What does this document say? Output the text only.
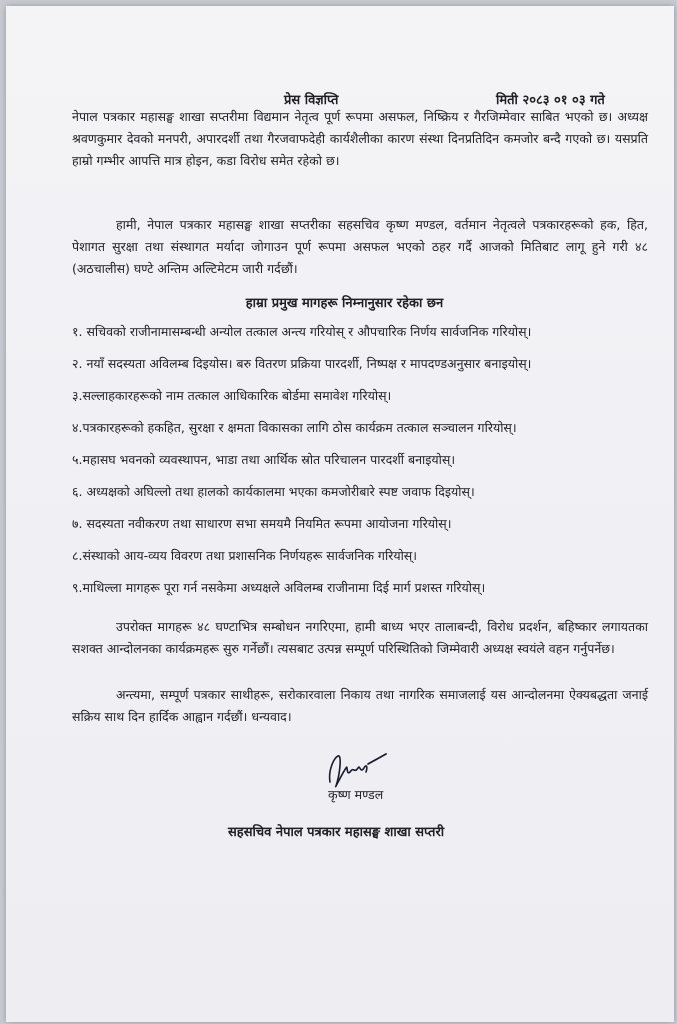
प्रेस विज्ञप्ति	मिती २०८३ ०१ ०३ गते

नेपाल पत्रकार महासङ्घ शाखा सप्तरीमा विद्यमान नेतृत्व पूर्ण रूपमा असफल, निष्क्रिय र गैरजिम्मेवार साबित भएको छ। अध्यक्ष श्रवणकुमार देवको मनपरी, अपारदर्शी तथा गैरजवाफदेही कार्यशैलीका कारण संस्था दिनप्रतिदिन कमजोर बन्दै गएको छ। यसप्रति हाम्रो गम्भीर आपत्ति मात्र होइन, कडा विरोध समेत रहेको छ।

हामी, नेपाल पत्रकार महासङ्घ शाखा सप्तरीका सहसचिव कृष्ण मण्डल, वर्तमान नेतृत्वले पत्रकारहरूको हक, हित, पेशागत सुरक्षा तथा संस्थागत मर्यादा जोगाउन पूर्ण रूपमा असफल भएको ठहर गर्दै आजको मितिबाट लागू हुने गरी ४८ (अठचालीस) घण्टे अन्तिम अल्टिमेटम जारी गर्दछौं।

हाम्रा प्रमुख मागहरू निम्नानुसार रहेका छन
१. सचिवको राजीनामासम्बन्धी अन्योल तत्काल अन्त्य गरियोस् र औपचारिक निर्णय सार्वजनिक गरियोस्।
२. नयाँ सदस्यता अविलम्ब दिइयोस। बरु वितरण प्रक्रिया पारदर्शी, निष्पक्ष र मापदण्डअनुसार बनाइयोस्।
३.सल्लाहकारहरूको नाम तत्काल आधिकारिक बोर्डमा समावेश गरियोस्।
४.पत्रकारहरूको हकहित, सुरक्षा र क्षमता विकासका लागि ठोस कार्यक्रम तत्काल सञ्चालन गरियोस्।
५.महासघ भवनको व्यवस्थापन, भाडा तथा आर्थिक स्रोत परिचालन पारदर्शी बनाइयोस्।
६. अध्यक्षको अघिल्लो तथा हालको कार्यकालमा भएका कमजोरीबारे स्पष्ट जवाफ दिइयोस्।
७. सदस्यता नवीकरण तथा साधारण सभा समयमै नियमित रूपमा आयोजना गरियोस्।
८.संस्थाको आय-व्यय विवरण तथा प्रशासनिक निर्णयहरू सार्वजनिक गरियोस्।
९.माथिल्ला मागहरू पूरा गर्न नसकेमा अध्यक्षले अविलम्ब राजीनामा दिई मार्ग प्रशस्त गरियोस्।

उपरोक्त मागहरू ४८ घण्टाभित्र सम्बोधन नगरिएमा, हामी बाध्य भएर तालाबन्दी, विरोध प्रदर्शन, बहिष्कार लगायतका सशक्त आन्दोलनका कार्यक्रमहरू सुरु गर्नेछौं। त्यसबाट उत्पन्न सम्पूर्ण परिस्थितिको जिम्मेवारी अध्यक्ष स्वयंले वहन गर्नुपर्नेछ।

अन्त्यमा, सम्पूर्ण पत्रकार साथीहरू, सरोकारवाला निकाय तथा नागरिक समाजलाई यस आन्दोलनमा ऐक्यबद्धता जनाई सक्रिय साथ दिन हार्दिक आह्वान गर्दछौं। धन्यवाद।

कृष्ण मण्डल
सहसचिव नेपाल पत्रकार महासङ्घ शाखा सप्तरी
